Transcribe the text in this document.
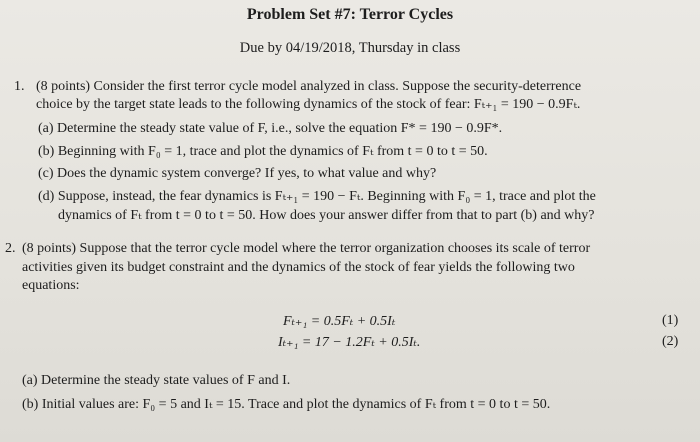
Problem Set #7: Terror Cycles
Due by 04/19/2018, Thursday in class
1. (8 points) Consider the first terror cycle model analyzed in class. Suppose the security-deterrence
choice by the target state leads to the following dynamics of the stock of fear: Fₜ₊₁ = 190 − 0.9Fₜ.
(a) Determine the steady state value of F, i.e., solve the equation F* = 190 − 0.9F*.
(b) Beginning with F₀ = 1, trace and plot the dynamics of Fₜ from t = 0 to t = 50.
(c) Does the dynamic system converge? If yes, to what value and why?
(d) Suppose, instead, the fear dynamics is Fₜ₊₁ = 190 − Fₜ. Beginning with F₀ = 1, trace and plot the
dynamics of Fₜ from t = 0 to t = 50. How does your answer differ from that to part (b) and why?
2. (8 points) Suppose that the terror cycle model where the terror organization chooses its scale of terror
activities given its budget constraint and the dynamics of the stock of fear yields the following two
equations:
Fₜ₊₁ = 0.5Fₜ + 0.5Iₜ	(1)
Iₜ₊₁ = 17 − 1.2Fₜ + 0.5Iₜ.	(2)
(a) Determine the steady state values of F and I.
(b) Initial values are: F₀ = 5 and Iₜ = 15. Trace and plot the dynamics of Fₜ from t = 0 to t = 50.
